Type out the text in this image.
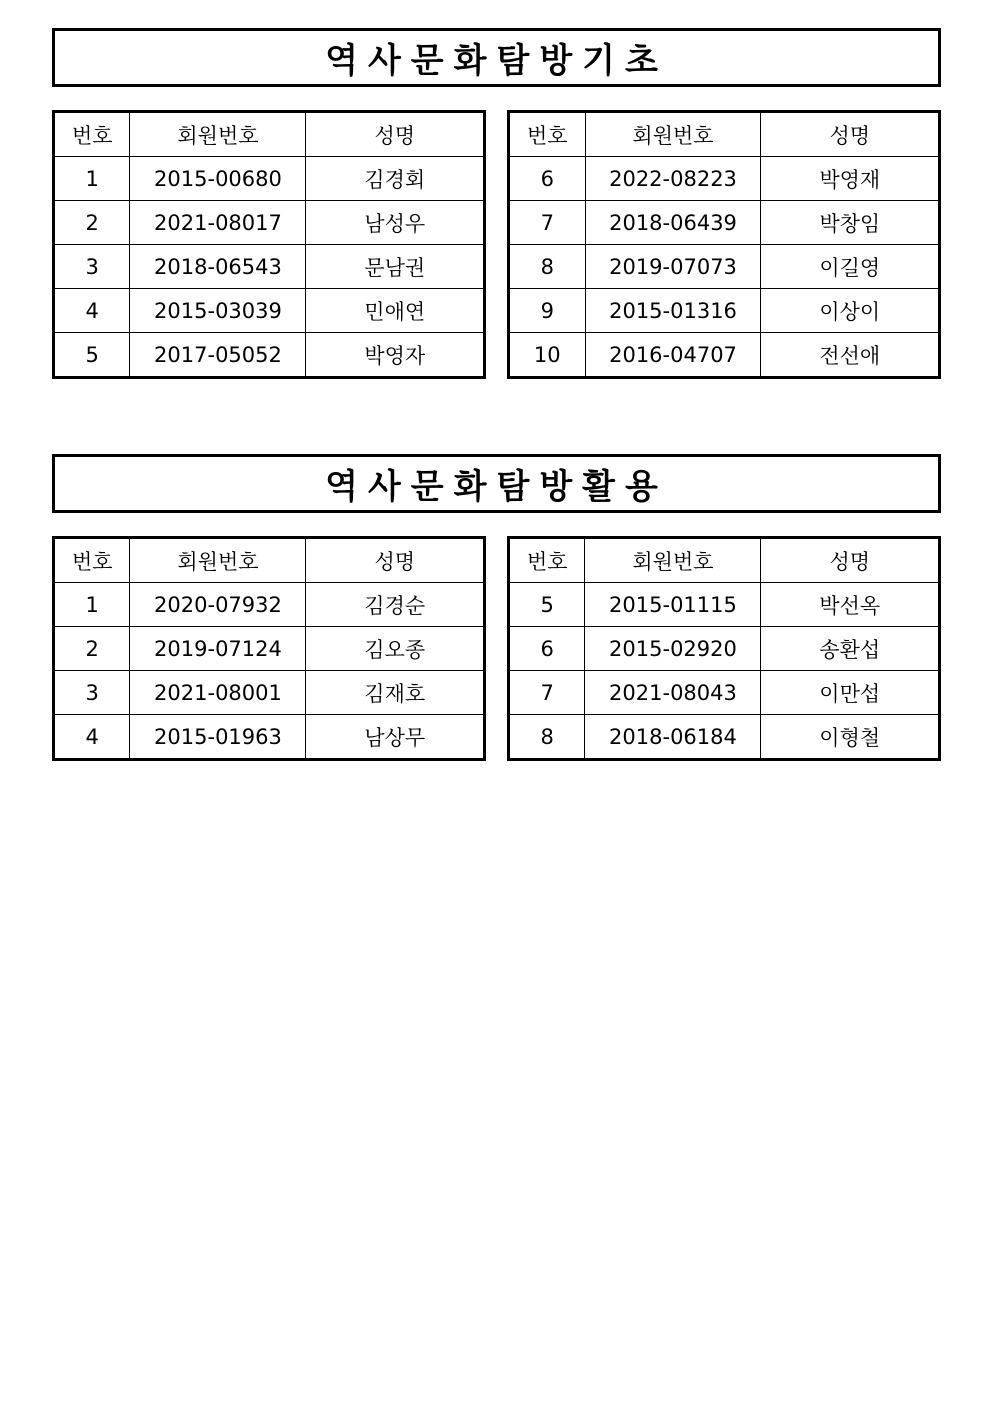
역사문화탐방기초
번호	회원번호	성명
1	2015-00680	김경회
2	2021-08017	남성우
3	2018-06543	문남권
4	2015-03039	민애연
5	2017-05052	박영자
번호	회원번호	성명
6	2022-08223	박영재
7	2018-06439	박창임
8	2019-07073	이길영
9	2015-01316	이상이
10	2016-04707	전선애
역사문화탐방활용
번호	회원번호	성명
1	2020-07932	김경순
2	2019-07124	김오종
3	2021-08001	김재호
4	2015-01963	남상무
번호	회원번호	성명
5	2015-01115	박선옥
6	2015-02920	송환섭
7	2021-08043	이만섭
8	2018-06184	이형철
